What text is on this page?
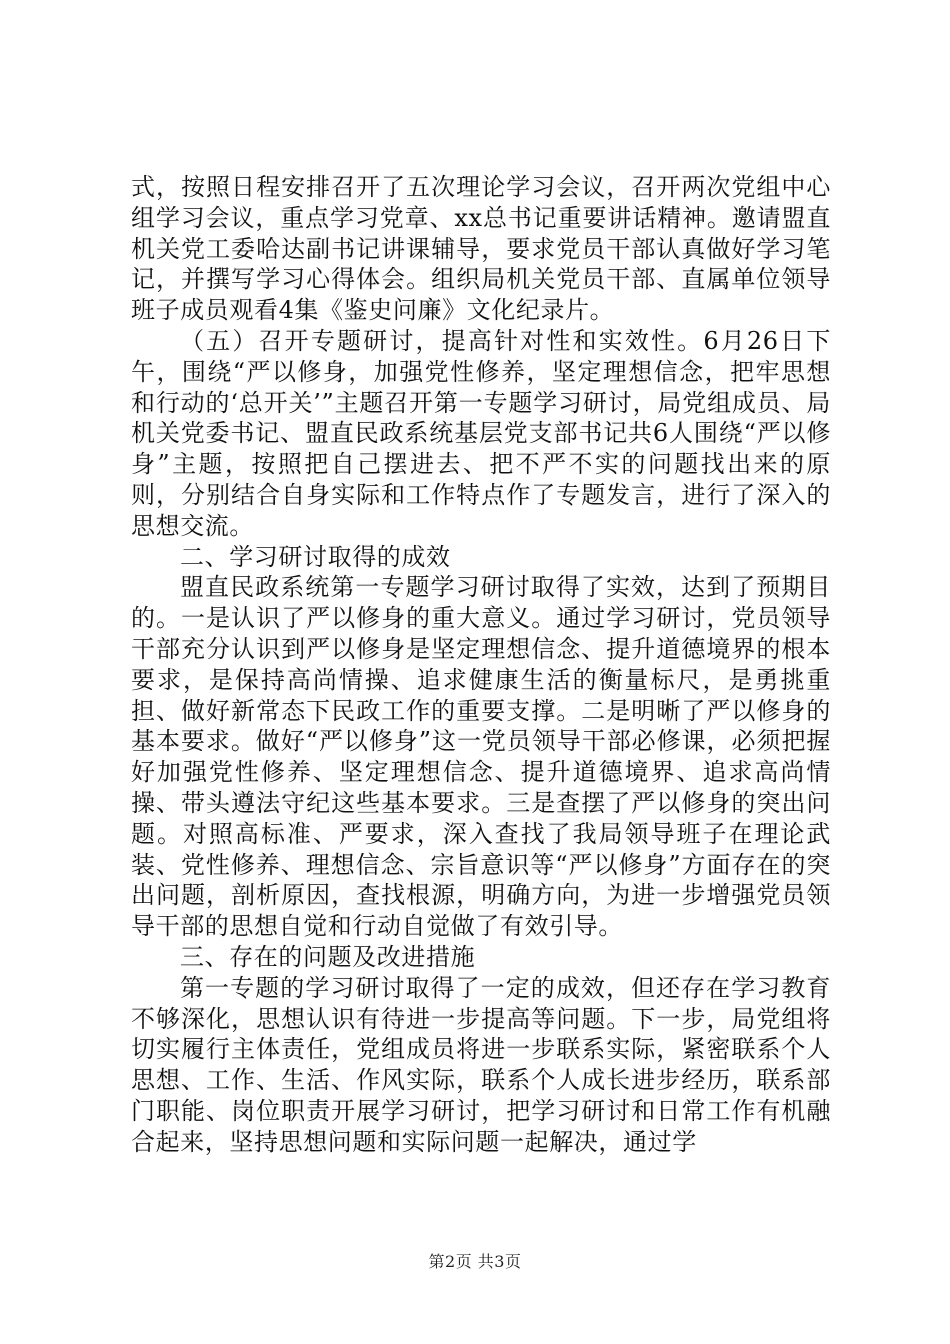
式，按照日程安排召开了五次理论学习会议，召开两次党组中心组学习会议，重点学习党章、xx总书记重要讲话精神。邀请盟直机关党工委哈达副书记讲课辅导，要求党员干部认真做好学习笔记，并撰写学习心得体会。组织局机关党员干部、直属单位领导班子成员观看4集《鉴史问廉》文化纪录片。

（五）召开专题研讨，提高针对性和实效性。6月26日下午，围绕“严以修身，加强党性修养，坚定理想信念，把牢思想和行动的‘总开关’”主题召开第一专题学习研讨，局党组成员、局机关党委书记、盟直民政系统基层党支部书记共6人围绕“严以修身”主题，按照把自己摆进去、把不严不实的问题找出来的原则，分别结合自身实际和工作特点作了专题发言，进行了深入的思想交流。

二、学习研讨取得的成效

盟直民政系统第一专题学习研讨取得了实效，达到了预期目的。一是认识了严以修身的重大意义。通过学习研讨，党员领导干部充分认识到严以修身是坚定理想信念、提升道德境界的根本要求，是保持高尚情操、追求健康生活的衡量标尺，是勇挑重担、做好新常态下民政工作的重要支撑。二是明晰了严以修身的基本要求。做好“严以修身”这一党员领导干部必修课，必须把握好加强党性修养、坚定理想信念、提升道德境界、追求高尚情操、带头遵法守纪这些基本要求。三是查摆了严以修身的突出问题。对照高标准、严要求，深入查找了我局领导班子在理论武装、党性修养、理想信念、宗旨意识等“严以修身”方面存在的突出问题，剖析原因，查找根源，明确方向，为进一步增强党员领导干部的思想自觉和行动自觉做了有效引导。

三、存在的问题及改进措施

第一专题的学习研讨取得了一定的成效，但还存在学习教育不够深化，思想认识有待进一步提高等问题。下一步，局党组将切实履行主体责任，党组成员将进一步联系实际，紧密联系个人思想、工作、生活、作风实际，联系个人成长进步经历，联系部门职能、岗位职责开展学习研讨，把学习研讨和日常工作有机融合起来，坚持思想问题和实际问题一起解决，通过学

第2页 共3页
